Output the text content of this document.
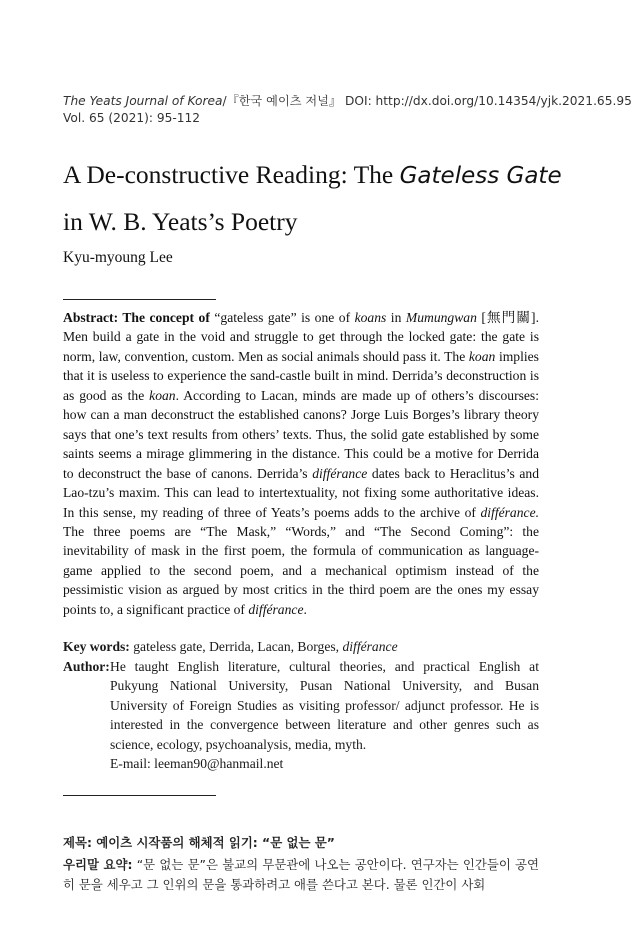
The Yeats Journal of Korea/『한국 예이츠 저널』 DOI: http://dx.doi.org/10.14354/yjk.2021.65.95
Vol. 65 (2021): 95-112
A De-constructive Reading: The Gateless Gate
in W. B. Yeats’s Poetry
Kyu-myoung Lee

Abstract: The concept of “gateless gate” is one of koans in Mumungwan [無門關]. Men build a gate in the void and struggle to get through the locked gate: the gate is norm, law, convention, custom. Men as social animals should pass it. The koan implies that it is useless to experience the sand-castle built in mind. Derrida’s deconstruction is as good as the koan. According to Lacan, minds are made up of others’s discourses: how can a man deconstruct the established canons? Jorge Luis Borges’s library theory says that one’s text results from others’ texts. Thus, the solid gate established by some saints seems a mirage glimmering in the distance. This could be a motive for Derrida to deconstruct the base of canons. Derrida’s différance dates back to Heraclitus’s and Lao-tzu’s maxim. This can lead to intertextuality, not fixing some authoritative ideas. In this sense, my reading of three of Yeats’s poems adds to the archive of différance. The three poems are “The Mask,” “Words,” and “The Second Coming”: the inevitability of mask in the first poem, the formula of communication as language-game applied to the second poem, and a mechanical optimism instead of the pessimistic vision as argued by most critics in the third poem are the ones my essay points to, a significant practice of différance.

Key words: gateless gate, Derrida, Lacan, Borges, différance
Author: He taught English literature, cultural theories, and practical English at Pukyung National University, Pusan National University, and Busan University of Foreign Studies as visiting professor/ adjunct professor. He is interested in the convergence between literature and other genres such as science, ecology, psychoanalysis, media, myth.
E-mail: leeman90@hanmail.net
제목: 예이츠 시작품의 해체적 읽기: “문 없는 문”
우리말 요약: “문 없는 문”은 불교의 무문관에 나오는 공안이다. 연구자는 인간들이 공연히 문을 세우고 그 인위의 문을 통과하려고 애를 쓴다고 본다. 물론 인간이 사회
